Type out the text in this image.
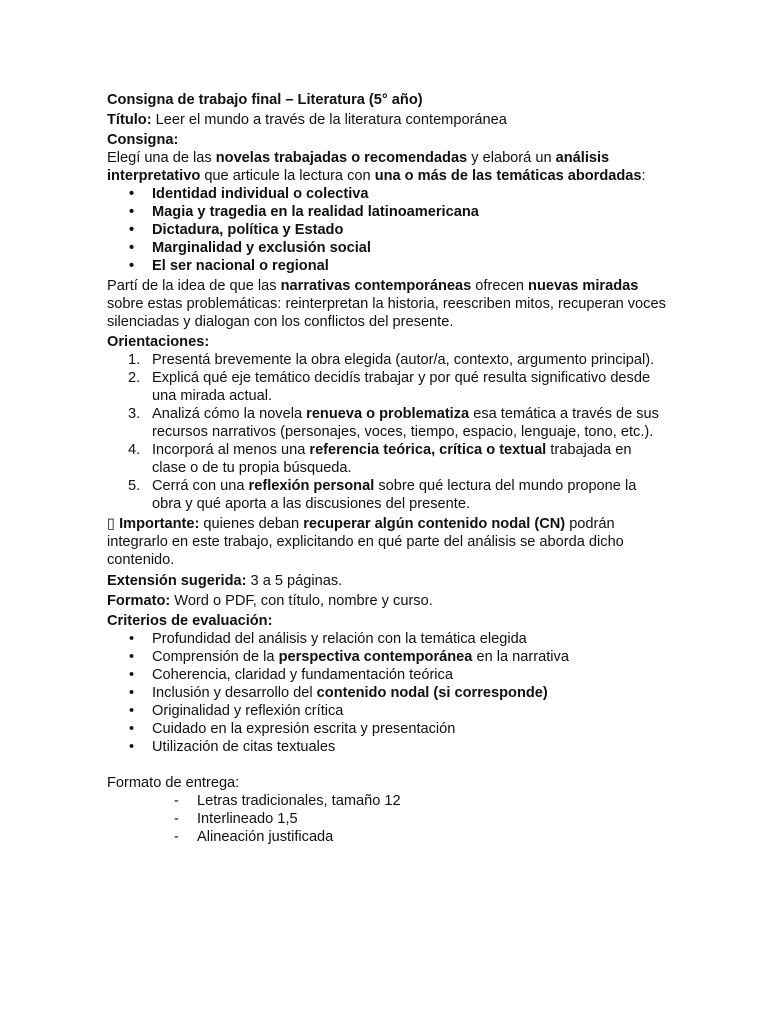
Consigna de trabajo final – Literatura (5° año)

Título: Leer el mundo a través de la literatura contemporánea

Consigna:

Elegí una de las novelas trabajadas o recomendadas y elaborá un análisis interpretativo que articule la lectura con una o más de las temáticas abordadas:

• Identidad individual o colectiva
• Magia y tragedia en la realidad latinoamericana
• Dictadura, política y Estado
• Marginalidad y exclusión social
• El ser nacional o regional

Partí de la idea de que las narrativas contemporáneas ofrecen nuevas miradas sobre estas problemáticas: reinterpretan la historia, reescriben mitos, recuperan voces silenciadas y dialogan con los conflictos del presente.

Orientaciones:

1. Presentá brevemente la obra elegida (autor/a, contexto, argumento principal).
2. Explicá qué eje temático decidís trabajar y por qué resulta significativo desde una mirada actual.
3. Analizá cómo la novela renueva o problematiza esa temática a través de sus recursos narrativos (personajes, voces, tiempo, espacio, lenguaje, tono, etc.).
4. Incorporá al menos una referencia teórica, crítica o textual trabajada en clase o de tu propia búsqueda.
5. Cerrá con una reflexión personal sobre qué lectura del mundo propone la obra y qué aporta a las discusiones del presente.

▯ Importante: quienes deban recuperar algún contenido nodal (CN) podrán integrarlo en este trabajo, explicitando en qué parte del análisis se aborda dicho contenido.

Extensión sugerida: 3 a 5 páginas.

Formato: Word o PDF, con título, nombre y curso.

Criterios de evaluación:

• Profundidad del análisis y relación con la temática elegida
• Comprensión de la perspectiva contemporánea en la narrativa
• Coherencia, claridad y fundamentación teórica
• Inclusión y desarrollo del contenido nodal (si corresponde)
• Originalidad y reflexión crítica
• Cuidado en la expresión escrita y presentación
• Utilización de citas textuales

Formato de entrega:

- Letras tradicionales, tamaño 12
- Interlineado 1,5
- Alineación justificada
